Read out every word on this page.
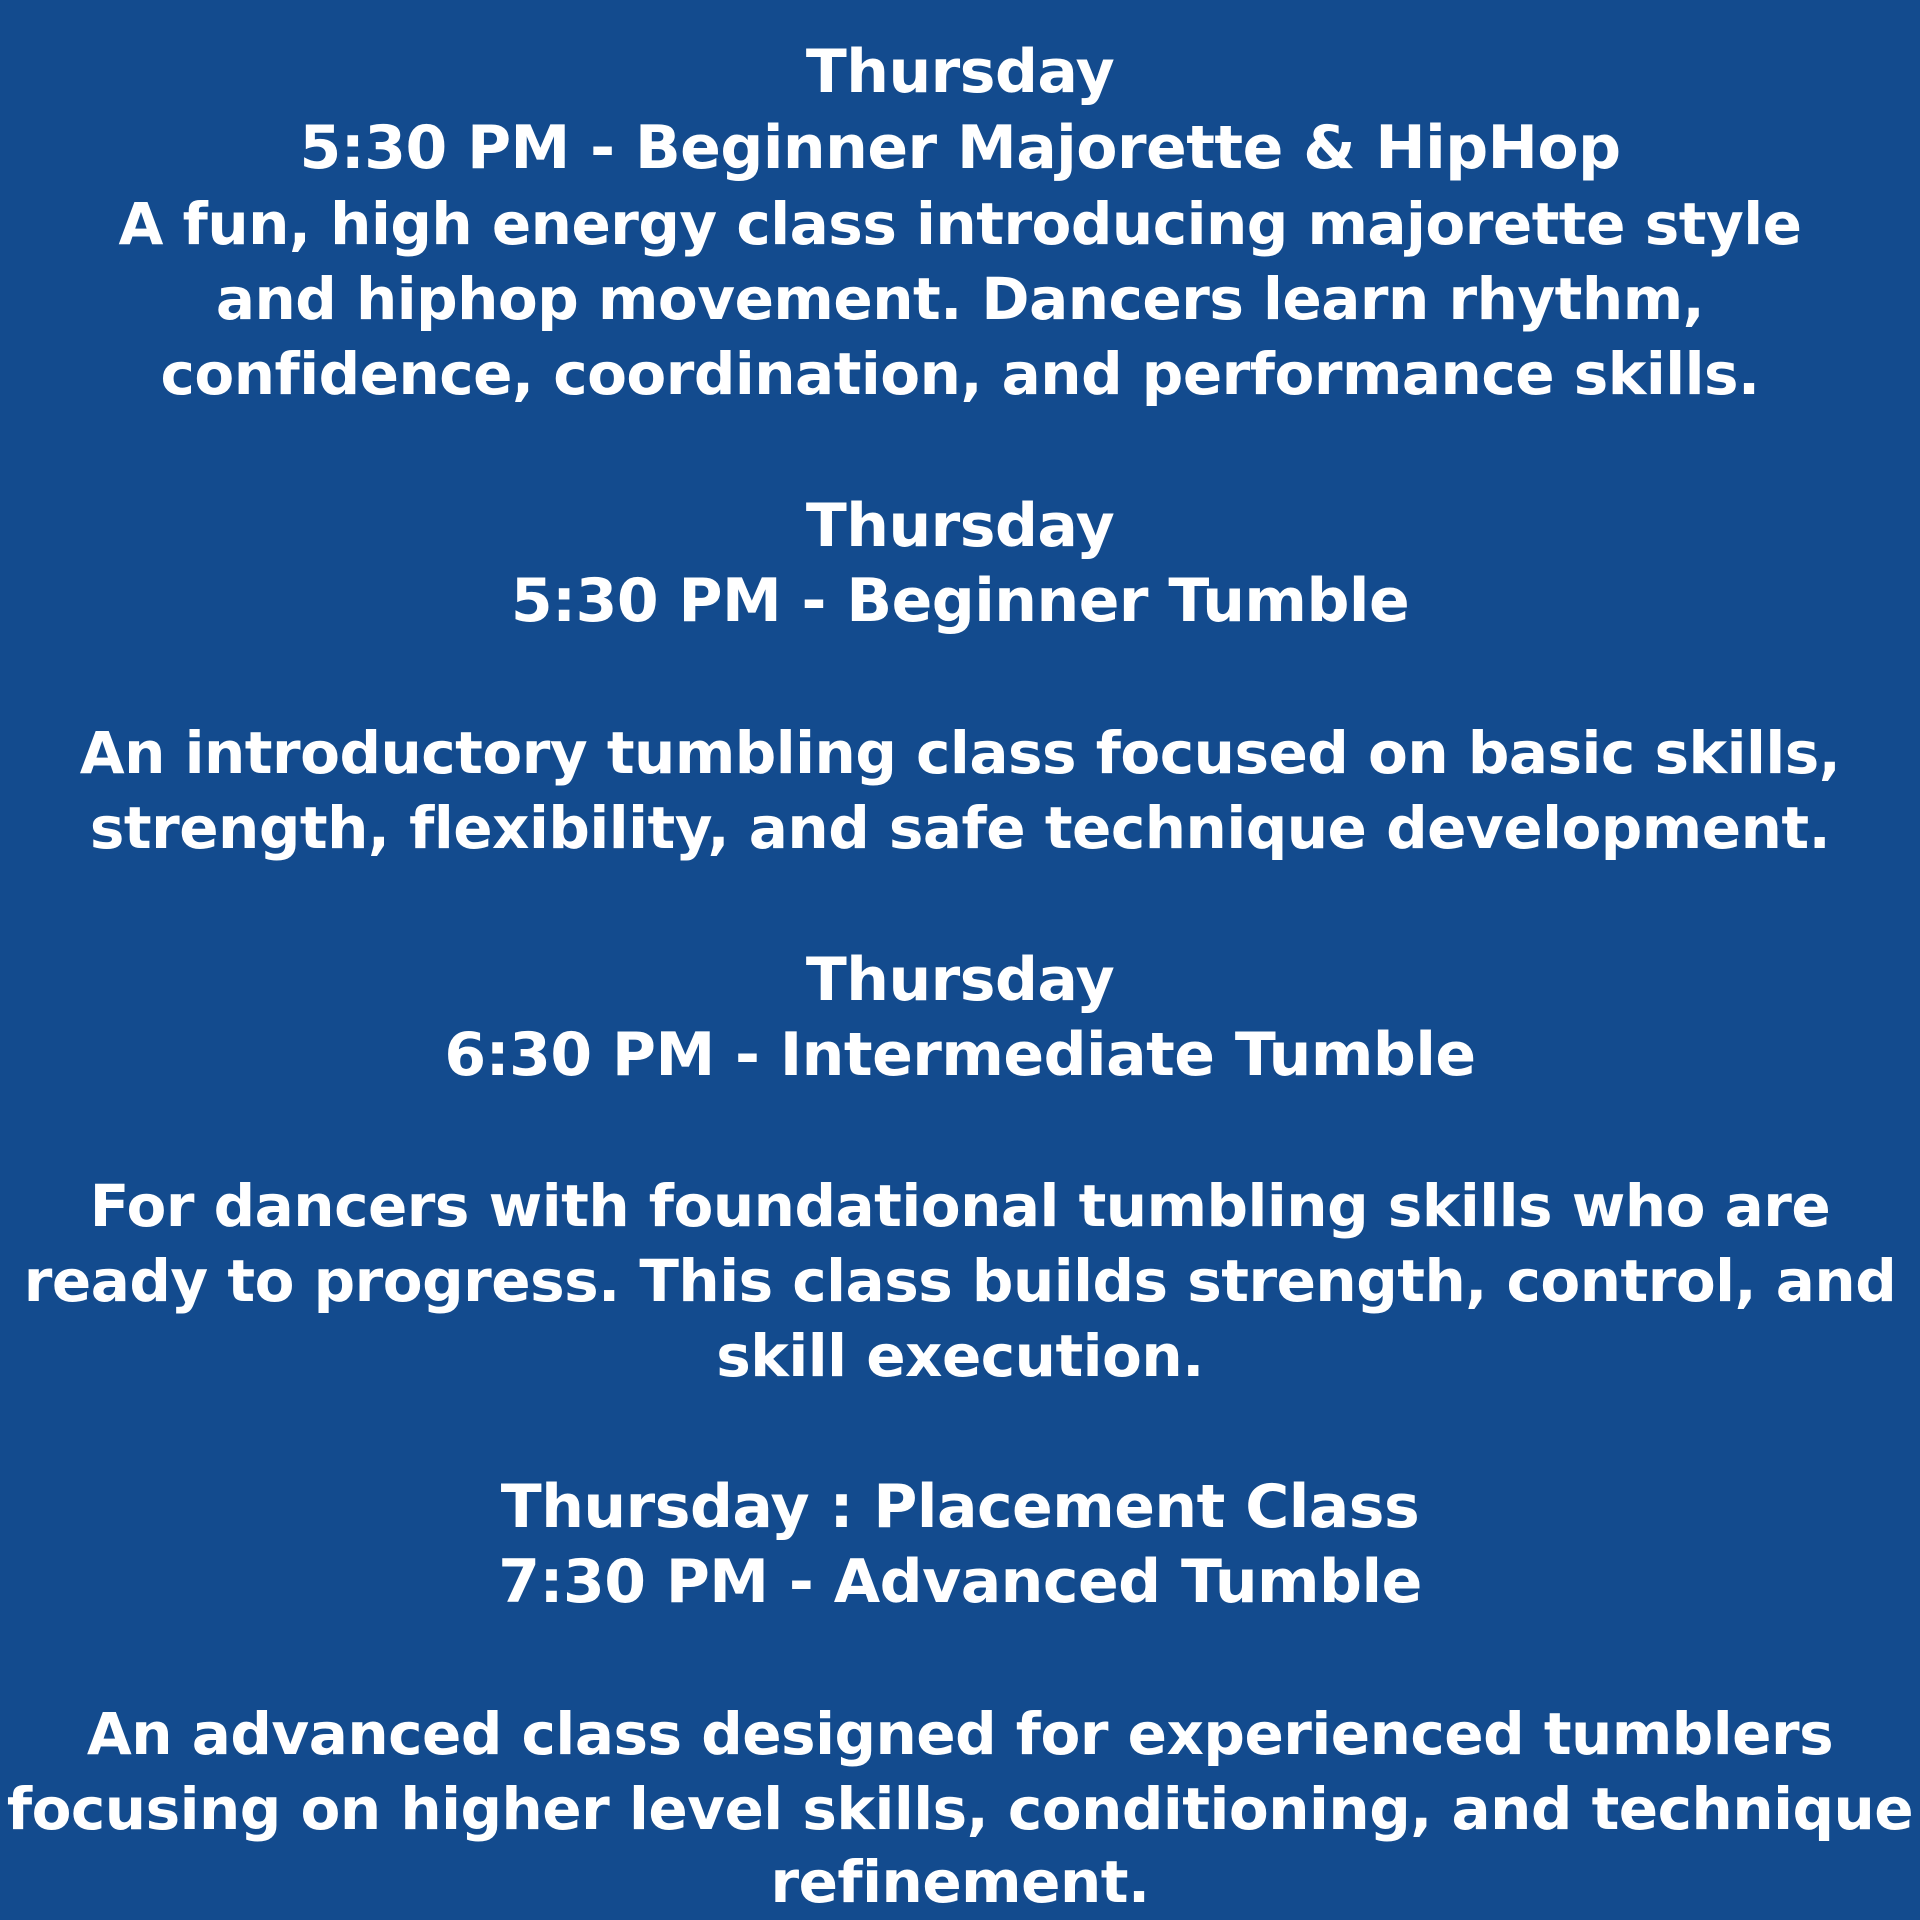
Thursday
5:30 PM - Beginner Majorette & HipHop
A fun, high energy class introducing majorette style
and hiphop movement. Dancers learn rhythm,
confidence, coordination, and performance skills.
Thursday
5:30 PM - Beginner Tumble
An introductory tumbling class focused on basic skills,
strength, flexibility, and safe technique development.
Thursday
6:30 PM - Intermediate Tumble
For dancers with foundational tumbling skills who are
ready to progress. This class builds strength, control, and
skill execution.
Thursday : Placement Class
7:30 PM - Advanced Tumble
An advanced class designed for experienced tumblers
focusing on higher level skills, conditioning, and technique
refinement.
